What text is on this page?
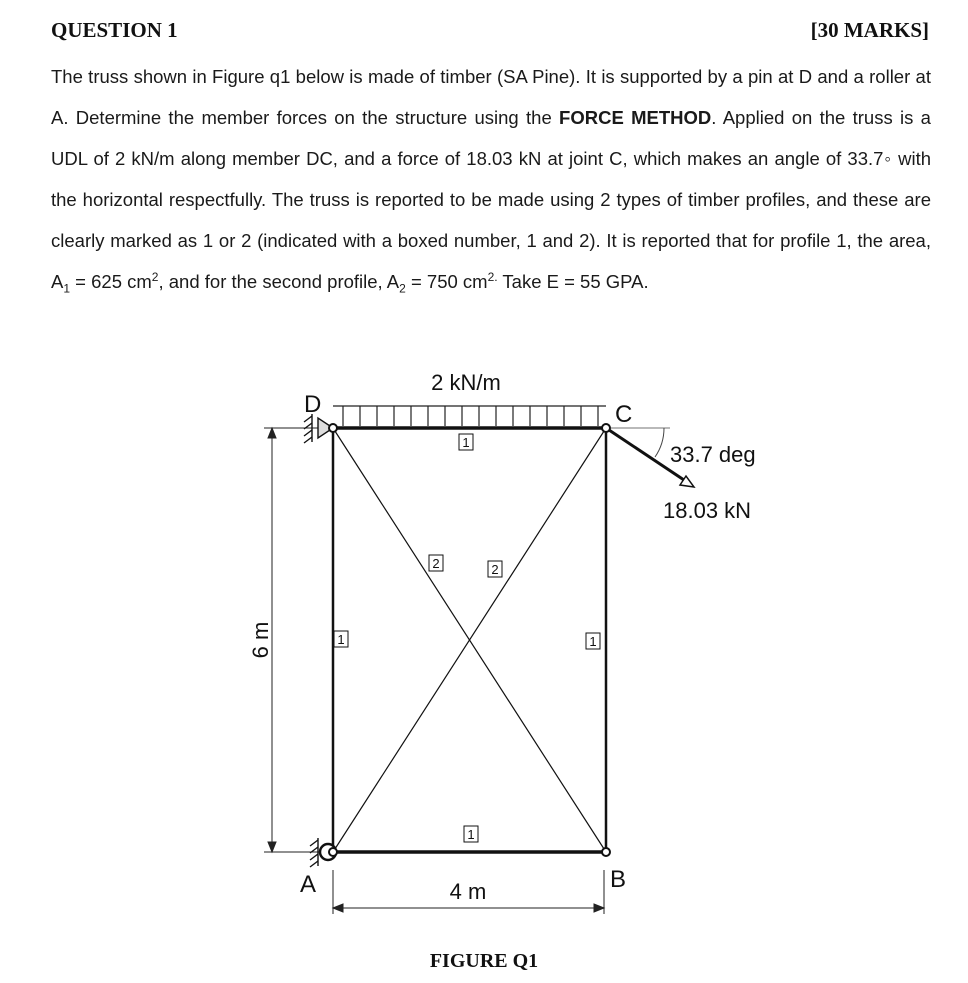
QUESTION 1	[30 MARKS]
The truss shown in Figure q1 below is made of timber (SA Pine). It is supported by a pin at D and a roller at A. Determine the member forces on the structure using the FORCE METHOD. Applied on the truss is a UDL of 2 kN/m along member DC, and a force of 18.03 kN at joint C, which makes an angle of 33.7◦ with the horizontal respectfully. The truss is reported to be made using 2 types of timber profiles, and these are clearly marked as 1 or 2 (indicated with a boxed number, 1 and 2). It is reported that for profile 1, the area, $A_1 = 625$ $cm^2$, and for the second profile, $A_2 = 750$ $cm^{2.}$ Take E = 55 GPA.
6 m
4 m
2 kN/m
33.7 deg
18.03 kN
D	C
A	B
1
1
1	1
2	2
FIGURE Q1
